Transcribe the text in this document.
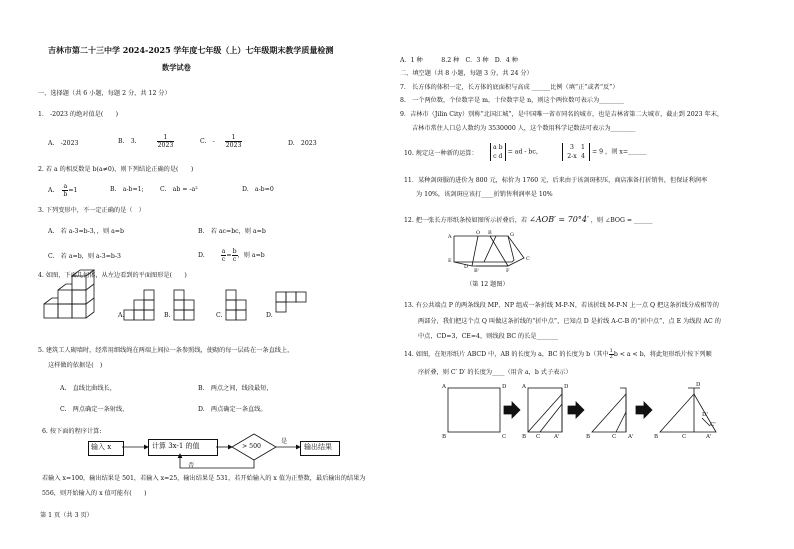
吉林市第二十三中学 2024-2025 学年度七年级（上）七年级期末教学质量检测
数学试卷
一、选择题（共 6 小题，每题 2 分，共 12 分）
1.　-2023 的绝对值是(　　)
A.　-2023	B.　3.	$\frac{1}{2023}$	C.　- $\frac{1}{2023}$	D.　2023
2. 若 a 的相反数是 b(a≠0)，则下列结论正确的是(　　)
A. $\frac{a}{b} =1$	B.　a-b=1;	C.　ab = -a²	D.　a-b=0
3. 下列变形中，不一定正确的是（　）
A.　若 a-3=b-3，，则 a=b	B.　若 ac=bc，则 a=b
C.　若 a=b，则 a-3=b-3	D.	$\frac{a}{c} = \frac{b}{c}$ ，则 a=b
4. 如图，下面几何体，从左边看到的平面图形是(　　)
A.	B.	C.	D.
5. 建筑工人砌墙时，经常用细线绳在两端上间拉一条参照线，使砌的每一层砖在一条直线上，
这样做的依据是(　)
A.　直线比曲线长，	B.　两点之间，线段最短，
C.　两点确定一条射线，	D.　两点确定一条直线。
6. 按下面的程序计算:
输入 x	计算 3x-1 的值	> 500
是
输出结果
否
若输入 x=100，输出结果是 501，若输入 x=25，输出结果是 531，若开始输入的 x 值为正整数，最后输出的结果为
556，则开始输入的 x 值可能有(　　)
第 1 页（共 3 页）
A．1 种　　　8.2 种　C．3 种　D．4 种
二、填空题（共 8 小题，每题 3 分，共 24 分）
7.　长方体的体积一定，长方体的底面积与高成 ______比例（填“正”或者“反”）
8.　一个两位数，个位数字是 m，十位数字是 n，则这个两位数可表示为________
9．吉林市（Jilin City）别称“北国江城”，是中国唯一省市同名的城市，也是吉林省第二大城市，截止到 2023 年末，
吉林市常住人口总人数约为 3530000 人，这个数用科学记数法可表示为________
10. 规定这一种新的运算：
a b
c d = ad - bc，
3 1
2-x 4 = 9 ，则 x=______
11．某种剑斑服的进价为 800 元，标价为 1760 元，后来由于该剑斑积压，商店准备打折销售，但保证利润率
为 10%，该剑斑应该打____折销售利润率是 10%
12. 把一张长方形纸条按如图所示折叠后，若 ∠AOB′ = 70°4′ ，则 ∠BOG = ______
A
O B	G
E
D
B'
C
F
（第 12 题图）
13. 有公共端点 P 的两条线段 MP、NP 组成一条折线 M-P-N，若该折线 M-P-N 上一点 Q 把这条折线分成相等的
两部分，我们把这个点 Q 叫做这条折线的“折中点”，已知点 D 是折线 A-C-B 的“折中点”，点 E 为线段 AC 的
中点，CD=3，CE=4，则线段 BC 的长是_______
14. 如图，在矩形纸片 ABCD 中，AB 的长度为 a，BC 的长度为 b（其中 $\frac{1}{2}$ b < a < b，将此矩形纸片按下列顺
序折叠，则 C′ D′ 的长度为____（用含 a，b 式子表示）
A	D
B	C
A	D
B C	A'	B	C A'	B	C
D
A'
C'
D'
